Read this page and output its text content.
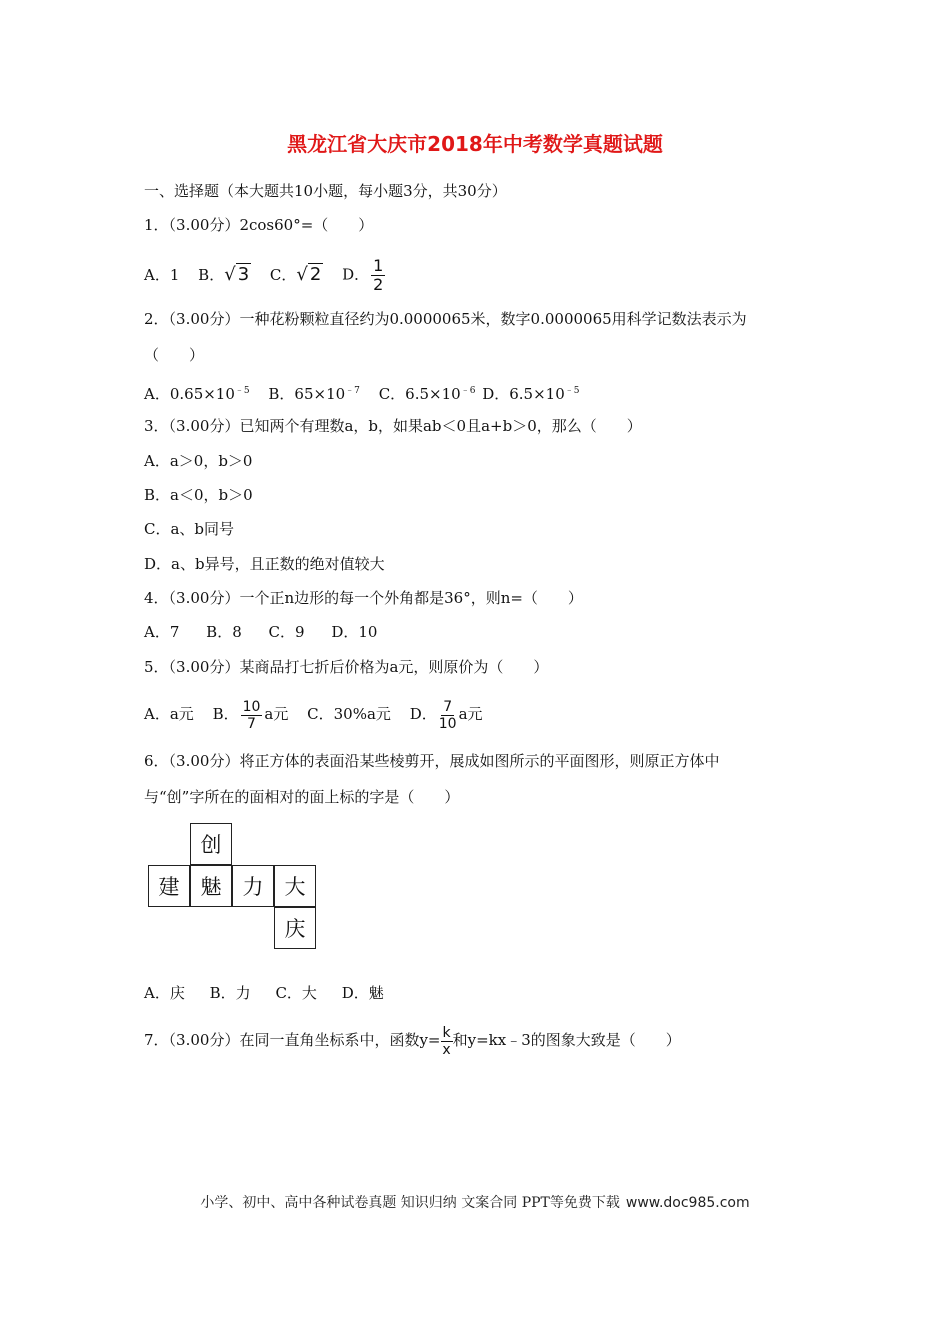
黑龙江省大庆市2018年中考数学真题试题
一、选择题（本大题共10小题，每小题3分，共30分）
1．（3.00分）2cos60°=（　　）
A．1 B．√ 3 C．√ 2 D． $\frac{1}{2}$
2．（3.00分）一种花粉颗粒直径约为0.0000065米，数字0.0000065用科学记数法表示为
（　　）
A．$0.65\times 10^{﹣5}$ B．$65\times 10^{﹣7}$ C．$6.5\times 10^{﹣6}$ D．$6.5\times 10^{﹣5}$
3．（3.00分）已知两个有理数a，b，如果ab＜0且a+b＞0，那么（　　）
A．a＞0，b＞0
B．a＜0，b＞0
C．a、b同号
D．a、b异号，且正数的绝对值较大
4．（3.00分）一个正n边形的每一个外角都是36°，则n=（　　）
A．7 B．8 C．9 D．10
5．（3.00分）某商品打七折后价格为a元，则原价为（　　）
A．a元 B． $\frac{10}{7}$ a元 C．30%a元 D． $\frac{7}{10}$ a元
6．（3.00分）将正方体的表面沿某些棱剪开，展成如图所示的平面图形，则原正方体中
与“创”字所在的面相对的面上标的字是（　　）
创
建	魅	力	大
庆
A．庆 B．力 C．大 D．魅
7．（3.00分）在同一直角坐标系中，函数$y= \frac{k}{x}$ 和y=kx﹣3的图象大致是（　　）
小学、初中、高中各种试卷真题 知识归纳 文案合同 PPT等免费下载 www.doc985.com
